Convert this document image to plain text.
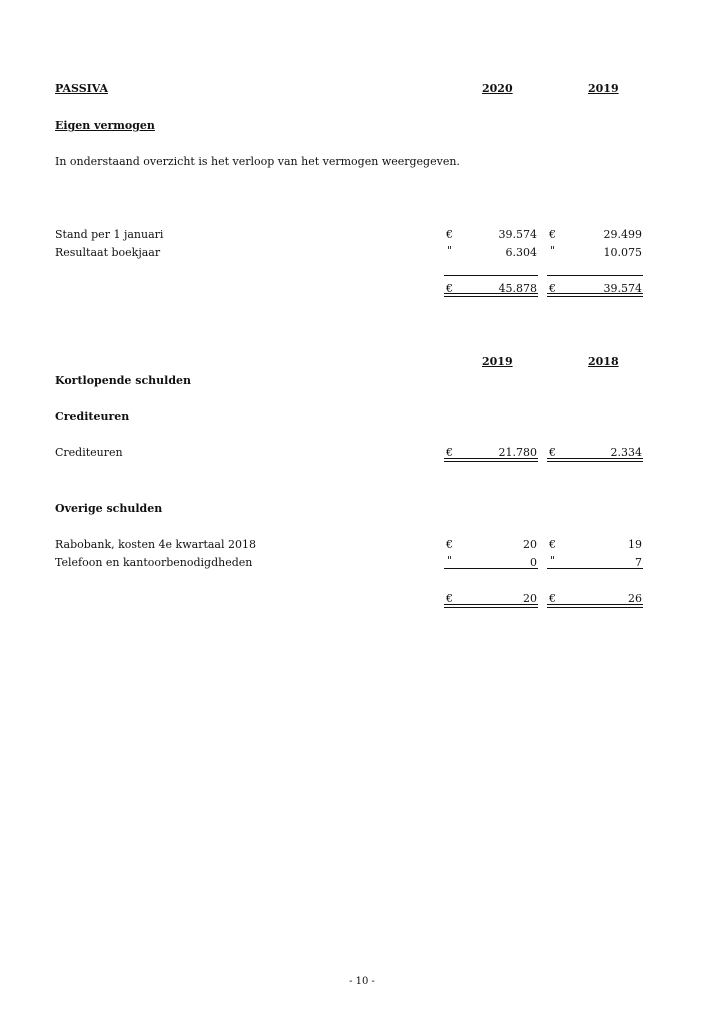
PASSIVA	2020	2019
Eigen vermogen
In onderstaand overzicht is het verloop van het vermogen weergegeven.
Stand per 1 januari	€	39.574 €	29.499
Resultaat boekjaar	"	6.304 "	10.075
€	45.878 €	39.574
2019	2018
Kortlopende schulden
Crediteuren
Crediteuren	€	21.780 €	2.334
Overige schulden
Rabobank, kosten 4e kwartaal 2018	€	20 €	19
Telefoon en kantoorbenodigdheden	"	0 "	7
€	20 €	26
- 10 -
